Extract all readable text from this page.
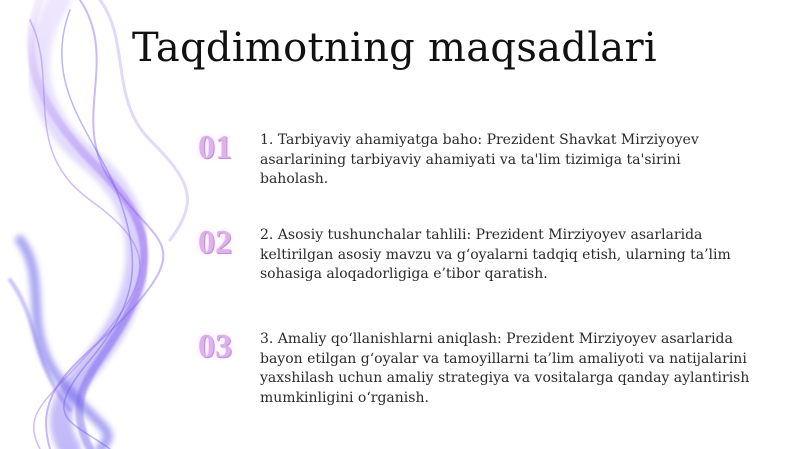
Taqdimotning maqsadlari
01 1. Tarbiyaviy ahamiyatga baho: Prezident Shavkat Mirziyoyev asarlarining tarbiyaviy ahamiyati va ta'lim tizimiga ta'sirini baholash.
02 2. Asosiy tushunchalar tahlili: Prezident Mirziyoyev asarlarida keltirilgan asosiy mavzu va g‘oyalarni tadqiq etish, ularning ta’lim sohasiga aloqadorligiga e’tibor qaratish.
03 3. Amaliy qo‘llanishlarni aniqlash: Prezident Mirziyoyev asarlarida bayon etilgan g‘oyalar va tamoyillarni ta’lim amaliyoti va natijalarini yaxshilash uchun amaliy strategiya va vositalarga qanday aylantirish mumkinligini o‘rganish.
